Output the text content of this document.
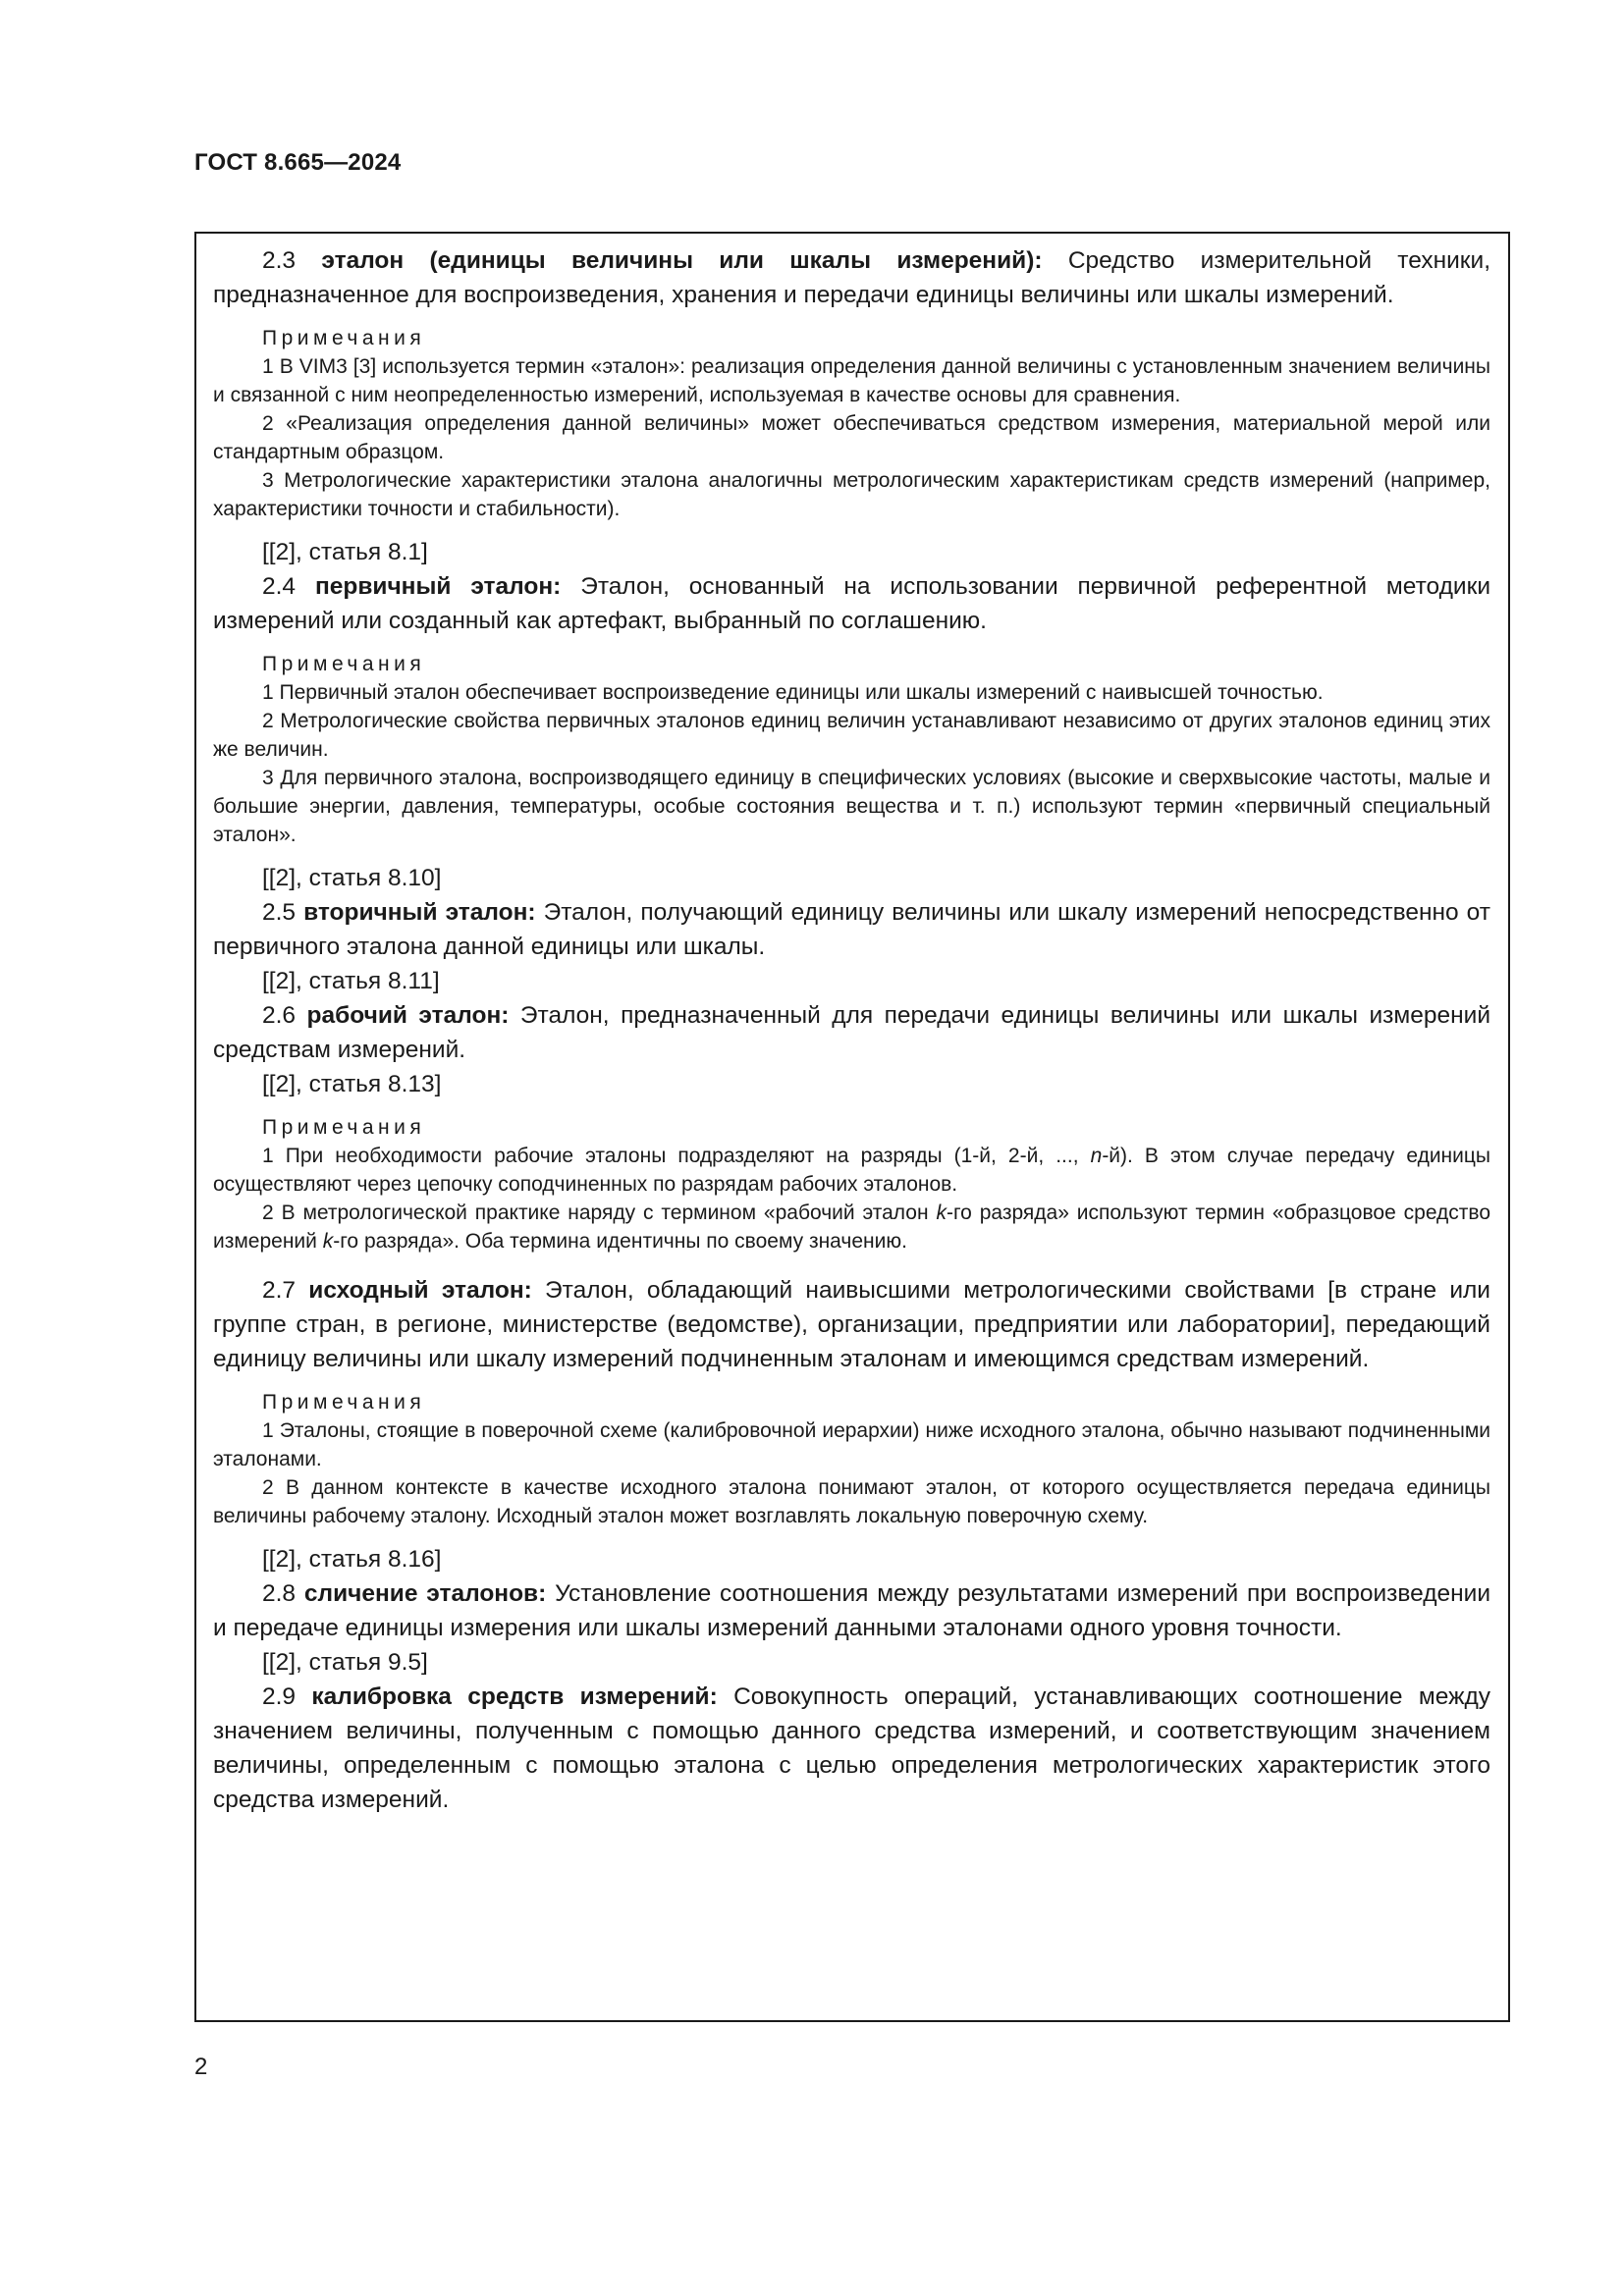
ГОСТ 8.665—2024

2.3 эталон (единицы величины или шкалы измерений): Средство измерительной техники, предназначенное для воспроизведения, хранения и передачи единицы величины или шкалы измерений.

Примечания

1 В VIM3 [3] используется термин «эталон»: реализация определения данной величины с установленным значением величины и связанной с ним неопределенностью измерений, используемая в качестве основы для сравнения.

2 «Реализация определения данной величины» может обеспечиваться средством измерения, материальной мерой или стандартным образцом.

3 Метрологические характеристики эталона аналогичны метрологическим характеристикам средств измерений (например, характеристики точности и стабильности).

[[2], статья 8.1]

2.4 первичный эталон: Эталон, основанный на использовании первичной референтной методики измерений или созданный как артефакт, выбранный по соглашению.

Примечания

1 Первичный эталон обеспечивает воспроизведение единицы или шкалы измерений с наивысшей точностью.

2 Метрологические свойства первичных эталонов единиц величин устанавливают независимо от других эталонов единиц этих же величин.

3 Для первичного эталона, воспроизводящего единицу в специфических условиях (высокие и сверхвысокие частоты, малые и большие энергии, давления, температуры, особые состояния вещества и т. п.) используют термин «первичный специальный эталон».

[[2], статья 8.10]

2.5 вторичный эталон: Эталон, получающий единицу величины или шкалу измерений непосредственно от первичного эталона данной единицы или шкалы.

[[2], статья 8.11]

2.6 рабочий эталон: Эталон, предназначенный для передачи единицы величины или шкалы измерений средствам измерений.

[[2], статья 8.13]

Примечания

1 При необходимости рабочие эталоны подразделяют на разряды (1-й, 2-й, ..., n-й). В этом случае передачу единицы осуществляют через цепочку соподчиненных по разрядам рабочих эталонов.

2 В метрологической практике наряду с термином «рабочий эталон k-го разряда» используют термин «образцовое средство измерений k-го разряда». Оба термина идентичны по своему значению.

2.7 исходный эталон: Эталон, обладающий наивысшими метрологическими свойствами [в стране или группе стран, в регионе, министерстве (ведомстве), организации, предприятии или лаборатории], передающий единицу величины или шкалу измерений подчиненным эталонам и имеющимся средствам измерений.

Примечания

1 Эталоны, стоящие в поверочной схеме (калибровочной иерархии) ниже исходного эталона, обычно называют подчиненными эталонами.

2 В данном контексте в качестве исходного эталона понимают эталон, от которого осуществляется передача единицы величины рабочему эталону. Исходный эталон может возглавлять локальную поверочную схему.

[[2], статья 8.16]

2.8 сличение эталонов: Установление соотношения между результатами измерений при воспроизведении и передаче единицы измерения или шкалы измерений данными эталонами одного уровня точности.

[[2], статья 9.5]

2.9 калибровка средств измерений: Совокупность операций, устанавливающих соотношение между значением величины, полученным с помощью данного средства измерений, и соответствующим значением величины, определенным с помощью эталона с целью определения метрологических характеристик этого средства измерений.

2
